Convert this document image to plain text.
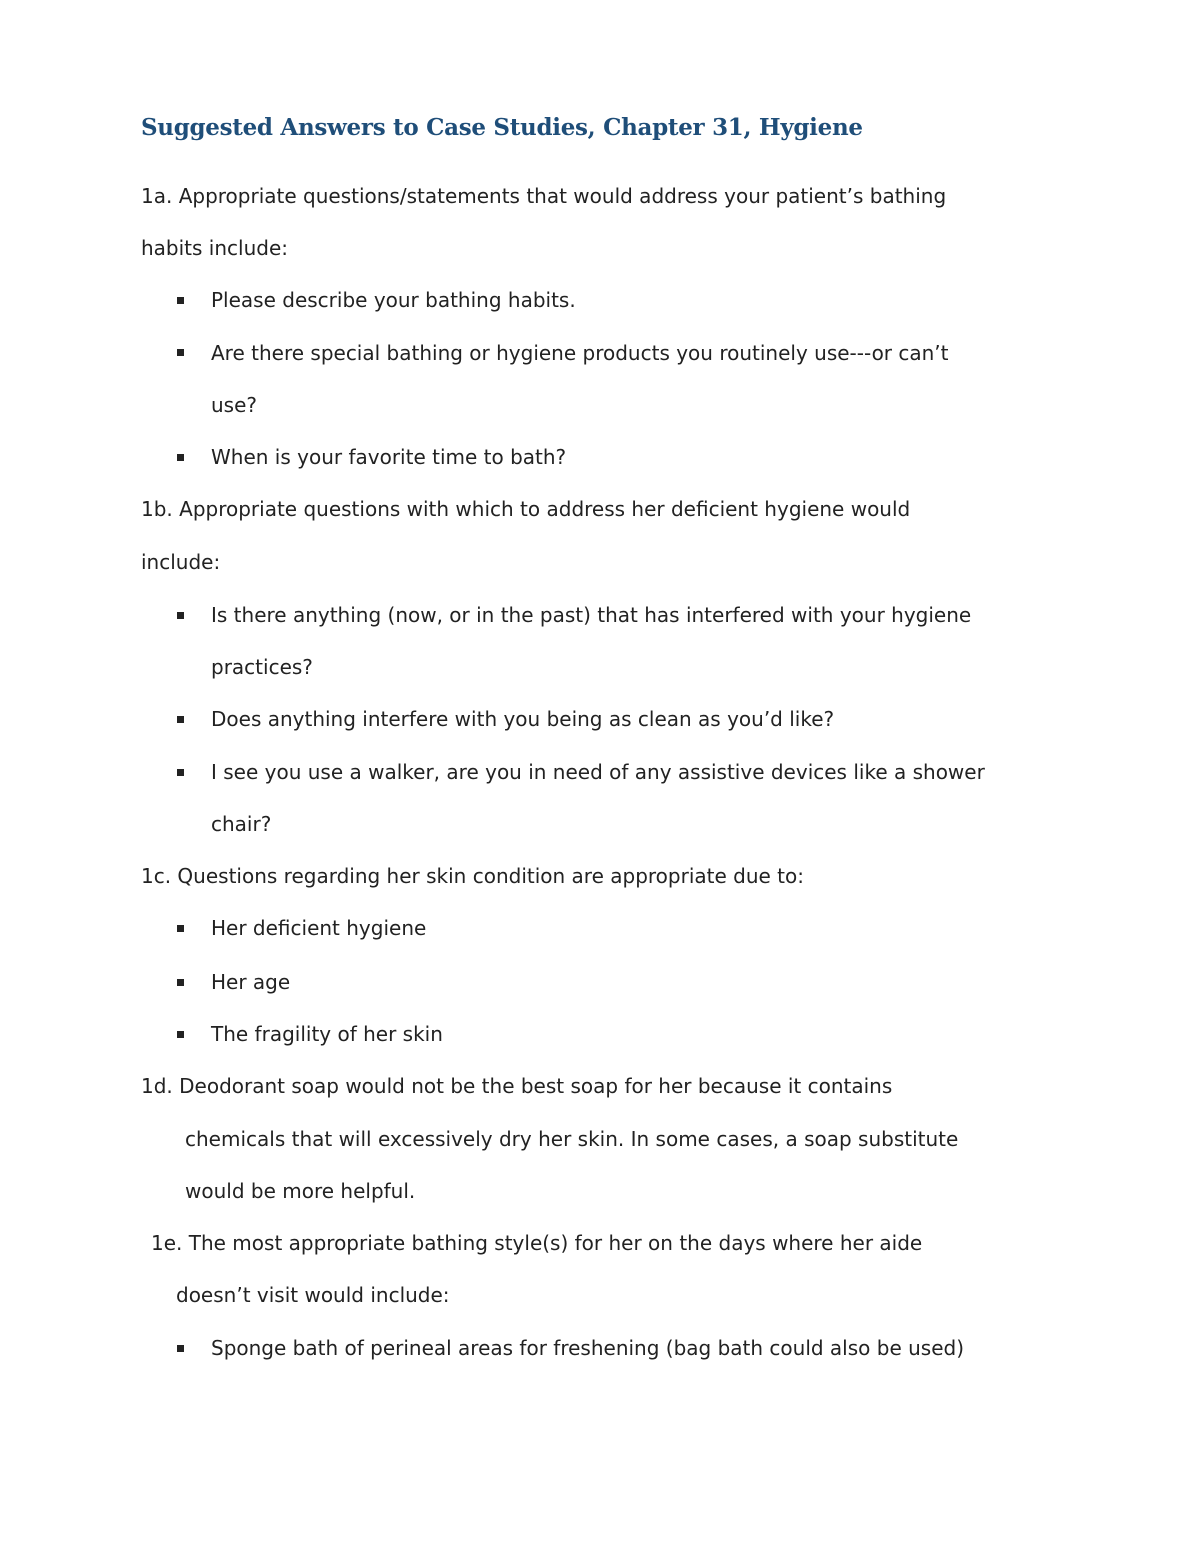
Suggested Answers to Case Studies, Chapter 31, Hygiene
1a. Appropriate questions/statements that would address your patient’s bathing
habits include:
Please describe your bathing habits.
Are there special bathing or hygiene products you routinely use---or can’t
use?
When is your favorite time to bath?
1b. Appropriate questions with which to address her deficient hygiene would
include:
Is there anything (now, or in the past) that has interfered with your hygiene
practices?
Does anything interfere with you being as clean as you’d like?
I see you use a walker, are you in need of any assistive devices like a shower
chair?
1c. Questions regarding her skin condition are appropriate due to:
Her deficient hygiene
Her age
The fragility of her skin
1d. Deodorant soap would not be the best soap for her because it contains
chemicals that will excessively dry her skin. In some cases, a soap substitute
would be more helpful.
1e. The most appropriate bathing style(s) for her on the days where her aide
doesn’t visit would include:
Sponge bath of perineal areas for freshening (bag bath could also be used)
